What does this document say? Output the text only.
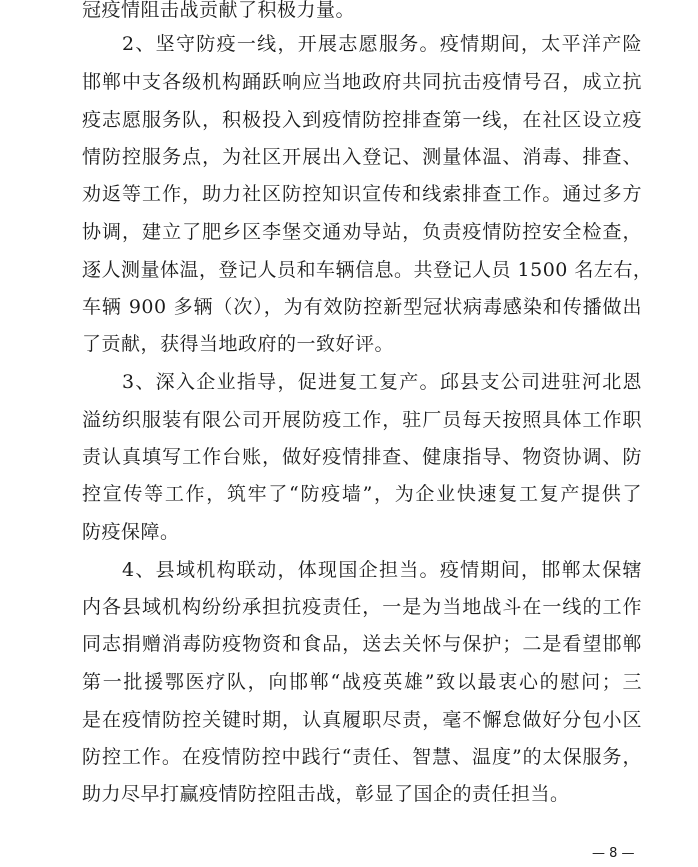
冠疫情阻击战贡献了积极力量。
2、坚守防疫一线，开展志愿服务。疫情期间，太平洋产险
邯郸中支各级机构踊跃响应当地政府共同抗击疫情号召，成立抗
疫志愿服务队，积极投入到疫情防控排查第一线，在社区设立疫
情防控服务点，为社区开展出入登记、测量体温、消毒、排查、
劝返等工作，助力社区防控知识宣传和线索排查工作。通过多方
协调，建立了肥乡区李堡交通劝导站，负责疫情防控安全检查，
逐人测量体温，登记人员和车辆信息。共登记人员 1500 名左右，
车辆 900 多辆（次），为有效防控新型冠状病毒感染和传播做出
了贡献，获得当地政府的一致好评。
3、深入企业指导，促进复工复产。邱县支公司进驻河北恩
溢纺织服装有限公司开展防疫工作，驻厂员每天按照具体工作职
责认真填写工作台账，做好疫情排查、健康指导、物资协调、防
控宣传等工作，筑牢了“防疫墙”，为企业快速复工复产提供了
防疫保障。
4、县域机构联动，体现国企担当。疫情期间，邯郸太保辖
内各县域机构纷纷承担抗疫责任，一是为当地战斗在一线的工作
同志捐赠消毒防疫物资和食品，送去关怀与保护；二是看望邯郸
第一批援鄂医疗队，向邯郸“战疫英雄”致以最衷心的慰问；三
是在疫情防控关键时期，认真履职尽责，毫不懈怠做好分包小区
防控工作。在疫情防控中践行“责任、智慧、温度”的太保服务，
助力尽早打赢疫情防控阻击战，彰显了国企的责任担当。
— 8 —
